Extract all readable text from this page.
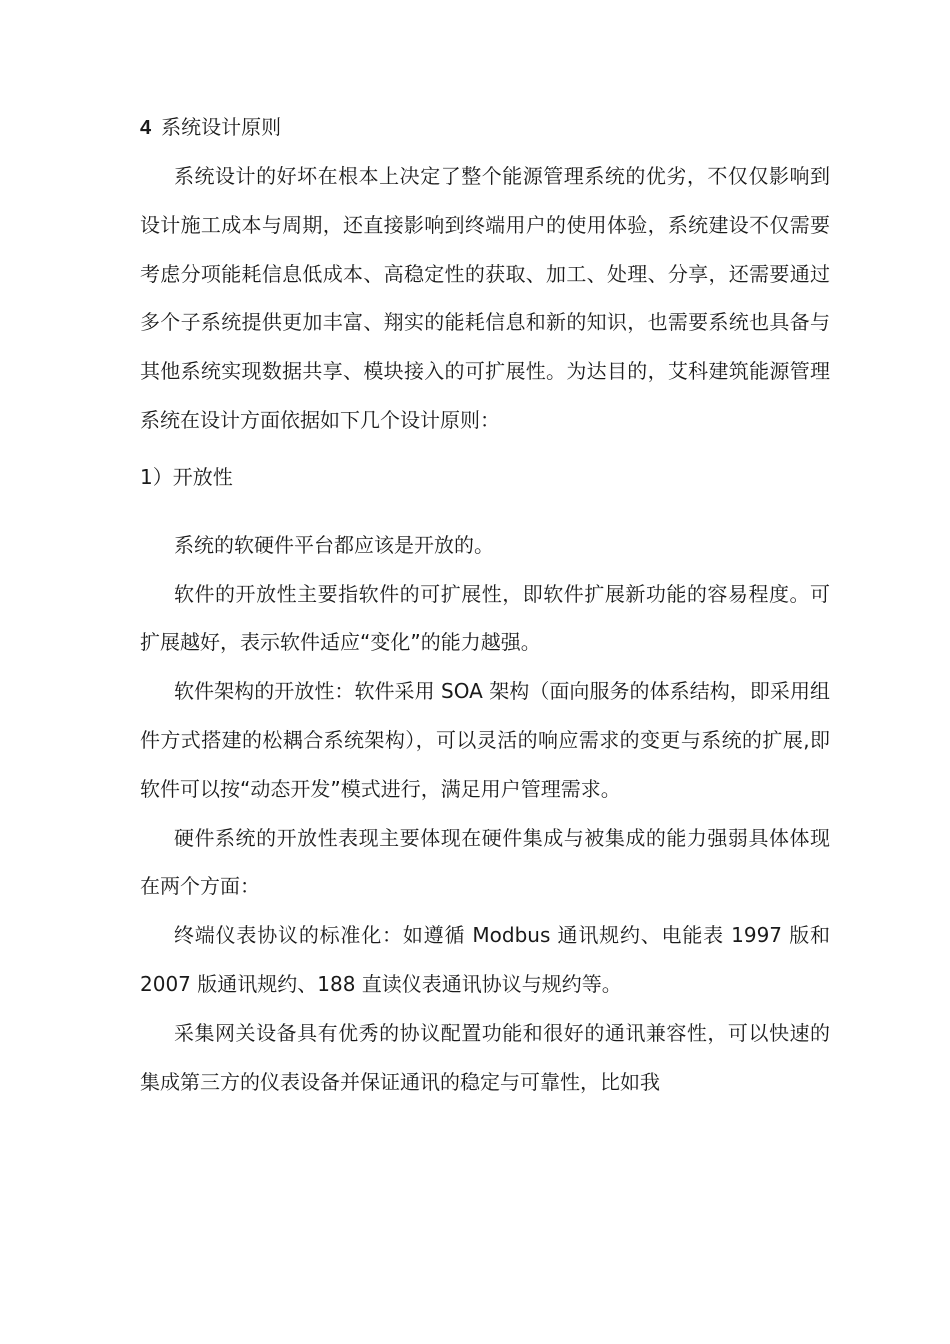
4 系统设计原则

系统设计的好坏在根本上决定了整个能源管理系统的优劣，不仅仅影响到设计施工成本与周期，还直接影响到终端用户的使用体验，系统建设不仅需要考虑分项能耗信息低成本、高稳定性的获取、加工、处理、分享，还需要通过多个子系统提供更加丰富、翔实的能耗信息和新的知识，也需要系统也具备与其他系统实现数据共享、模块接入的可扩展性。为达目的，艾科建筑能源管理系统在设计方面依据如下几个设计原则：

1）开放性

系统的软硬件平台都应该是开放的。

软件的开放性主要指软件的可扩展性，即软件扩展新功能的容易程度。可扩展越好，表示软件适应“变化”的能力越强。

软件架构的开放性：软件采用 SOA 架构（面向服务的体系结构，即采用组件方式搭建的松耦合系统架构），可以灵活的响应需求的变更与系统的扩展,即软件可以按“动态开发”模式进行，满足用户管理需求。

硬件系统的开放性表现主要体现在硬件集成与被集成的能力强弱具体体现在两个方面：

终端仪表协议的标准化：如遵循 Modbus 通讯规约、电能表 1997 版和 2007 版通讯规约、188 直读仪表通讯协议与规约等。

采集网关设备具有优秀的协议配置功能和很好的通讯兼容性，可以快速的集成第三方的仪表设备并保证通讯的稳定与可靠性，比如我
